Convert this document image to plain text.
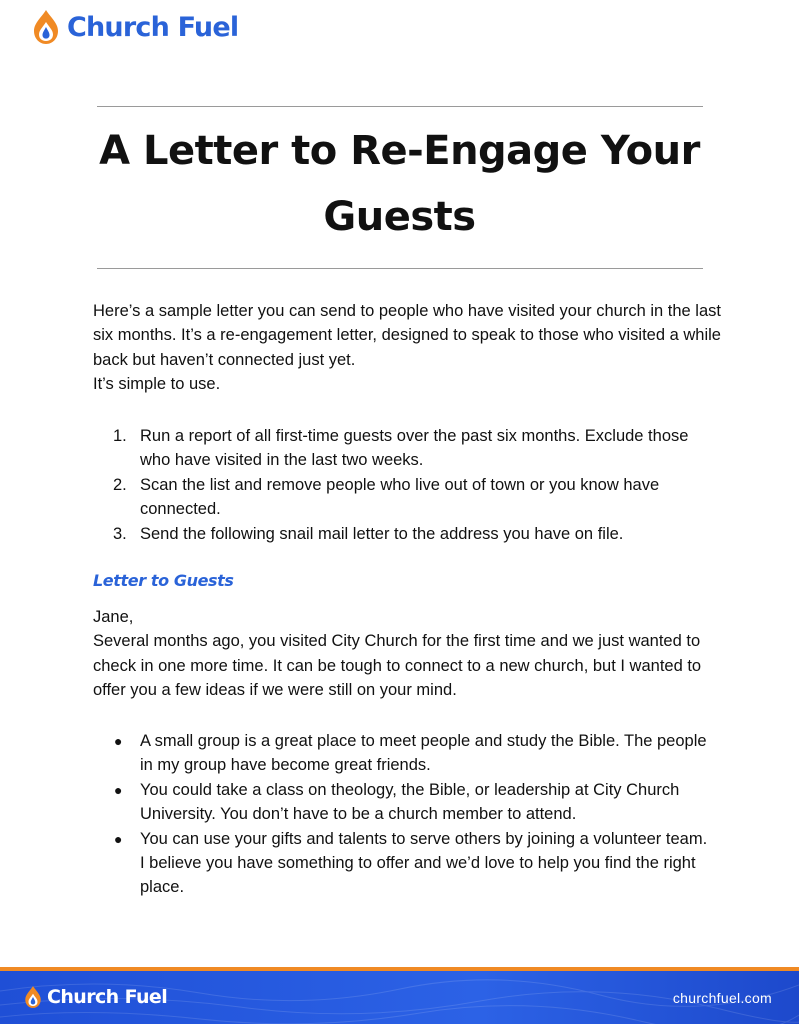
Church Fuel
A Letter to Re-Engage Your Guests

Here’s a sample letter you can send to people who have visited your church in the last six months. It’s a re-engagement letter, designed to speak to those who visited a while back but haven’t connected just yet.

It’s simple to use.

1. Run a report of all first-time guests over the past six months. Exclude those who have visited in the last two weeks.
2. Scan the list and remove people who live out of town or you know have connected.
3. Send the following snail mail letter to the address you have on file.
Letter to Guests

Jane,

Several months ago, you visited City Church for the first time and we just wanted to check in one more time. It can be tough to connect to a new church, but I wanted to offer you a few ideas if we were still on your mind.

● A small group is a great place to meet people and study the Bible. The people in my group have become great friends.
● You could take a class on theology, the Bible, or leadership at City Church University. You don’t have to be a church member to attend.
● You can use your gifts and talents to serve others by joining a volunteer team. I believe you have something to offer and we’d love to help you find the right place.
Church Fuel	churchfuel.com
